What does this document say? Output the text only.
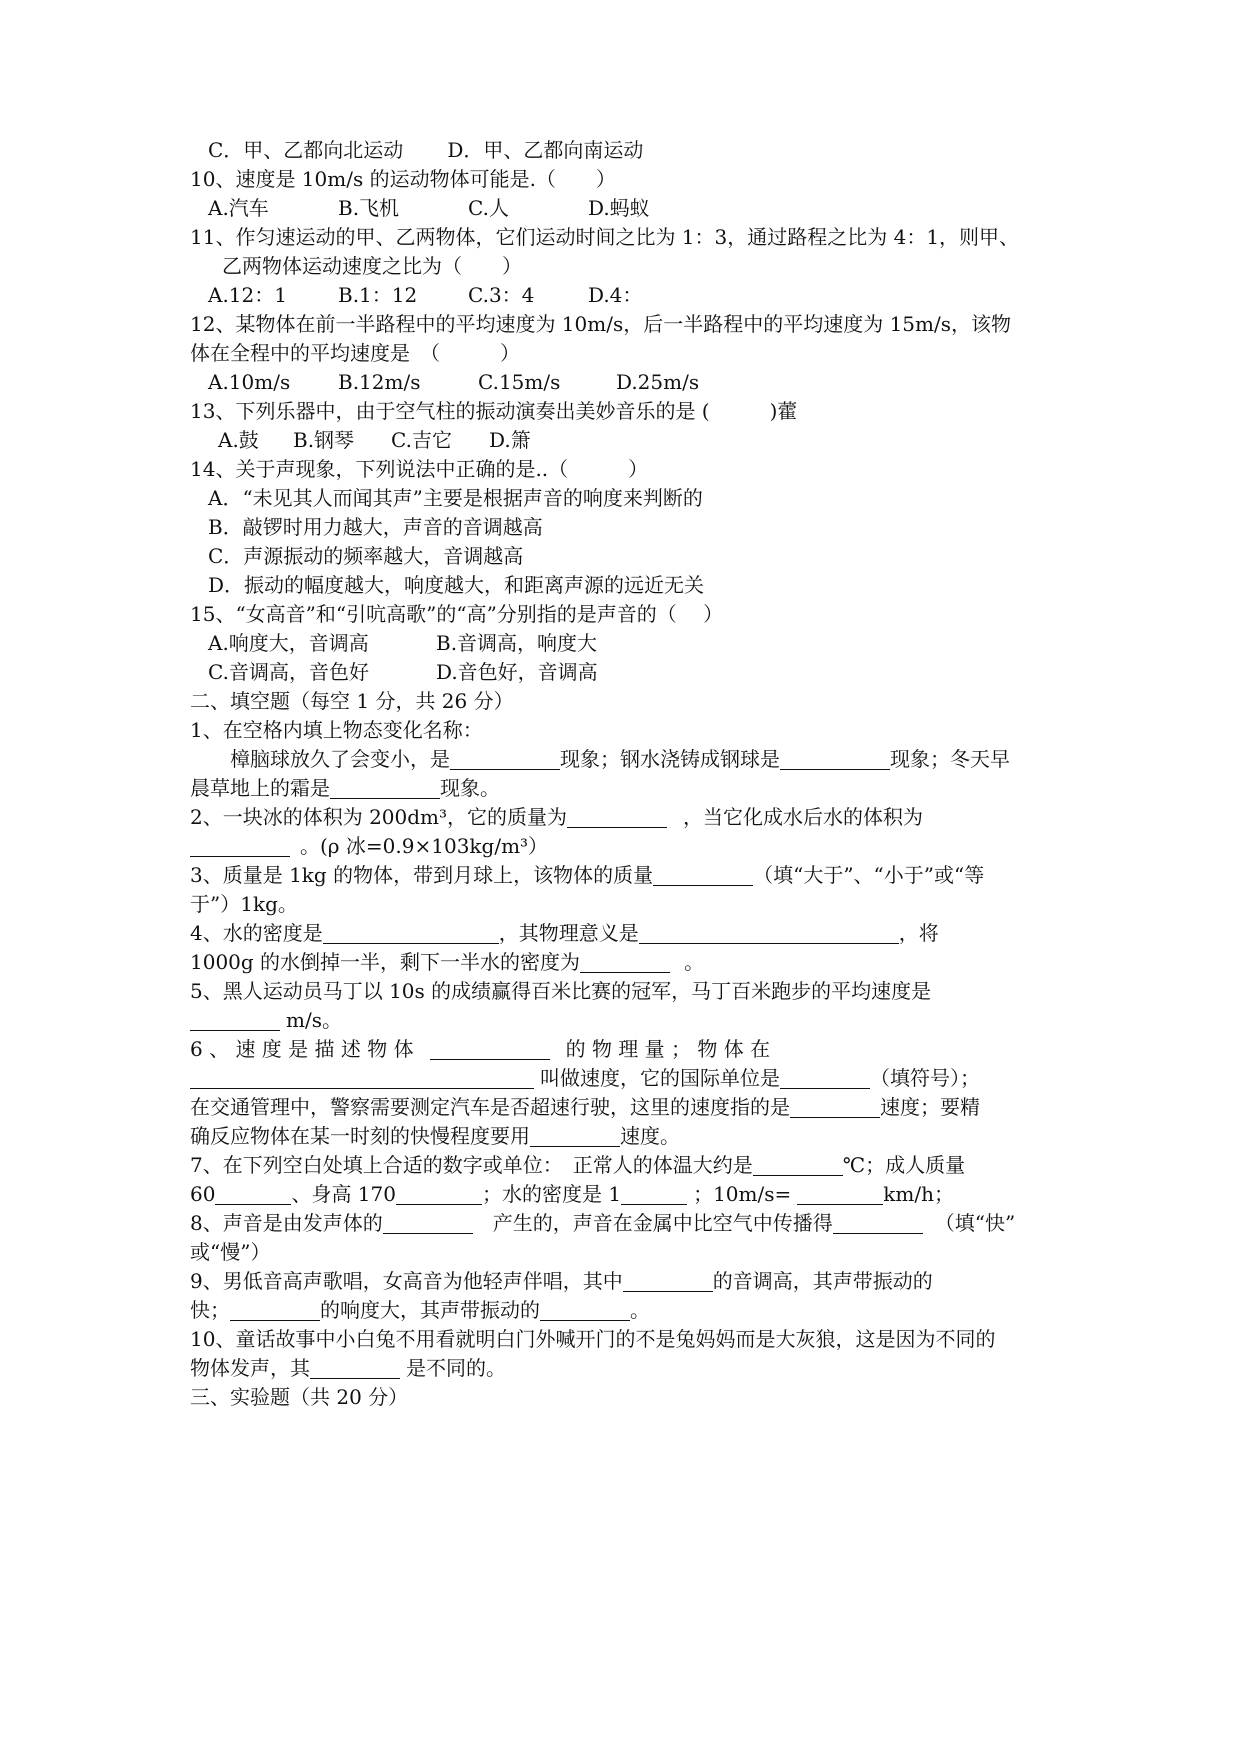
C．甲、乙都向北运动 D．甲、乙都向南运动
10、速度是 10m/s 的运动物体可能是.（　　）
A.汽车	B.飞机	C.人	D.蚂蚁
11、作匀速运动的甲、乙两物体，它们运动时间之比为 1：3，通过路程之比为 4：1，则甲、
乙两物体运动速度之比为（　　）
A.12：1	B.1：12	C.3：4	D.4：
12、某物体在前一半路程中的平均速度为 10m/s，后一半路程中的平均速度为 15m/s，该物
体在全程中的平均速度是　（　　　）
A.10m/s B.12m/s	C.15m/s	D.25m/s
13、下列乐器中，由于空气柱的振动演奏出美妙音乐的是 (　　　)藿
A.鼓 B.钢琴 C.吉它 D.箫
14、关于声现象，下列说法中正确的是..（　　　）
A．“未见其人而闻其声”主要是根据声音的响度来判断的
B．敲锣时用力越大，声音的音调越高
C．声源振动的频率越大，音调越高
D．振动的幅度越大，响度越大，和距离声源的远近无关
15、“女高音”和“引吭高歌”的“高”分别指的是声音的（　 ）
A.响度大，音调高	B.音调高，响度大
C.音调高，音色好	D.音色好，音调高
二、填空题（每空 1 分，共 26 分）
1、在空格内填上物态变化名称：
樟脑球放久了会变小，是	现象；钢水浇铸成钢球是	现象；冬天早
晨草地上的霜是	现象。
2、一块冰的体积为 200dm³，它的质量为	，当它化成水后水的体积为
。(ρ 冰=0.9×103kg/m³）
3、质量是 1kg 的物体，带到月球上，该物体的质量	（填“大于”、“小于”或“等
于”）1kg。
4、水的密度是	，其物理意义是	，将
1000g 的水倒掉一半，剩下一半水的密度为	。
5、黑人运动员马丁以 10s 的成绩赢得百米比赛的冠军，马丁百米跑步的平均速度是
m/s。
6 、 速 度 是 描 述 物 体	的 物 理 量 ； 物 体 在
叫做速度，它的国际单位是	（填符号）；
在交通管理中，警察需要测定汽车是否超速行驶，这里的速度指的是	速度；要精
确反应物体在某一时刻的快慢程度要用	速度。
7、在下列空白处填上合适的数字或单位：　正常人的体温大约是	℃；成人质量
60	、身高 170	；水的密度是 1	；10m/s=	km/h；
8、声音是由发声体的	　产生的，声音在金属中比空气中传播得	（填“快”
或“慢”）
9、男低音高声歌唱，女高音为他轻声伴唱，其中	的音调高，其声带振动的
快；	的响度大，其声带振动的	。
10、童话故事中小白兔不用看就明白门外喊开门的不是兔妈妈而是大灰狼，这是因为不同的
物体发声，其	是不同的。
三、实验题（共 20 分）
